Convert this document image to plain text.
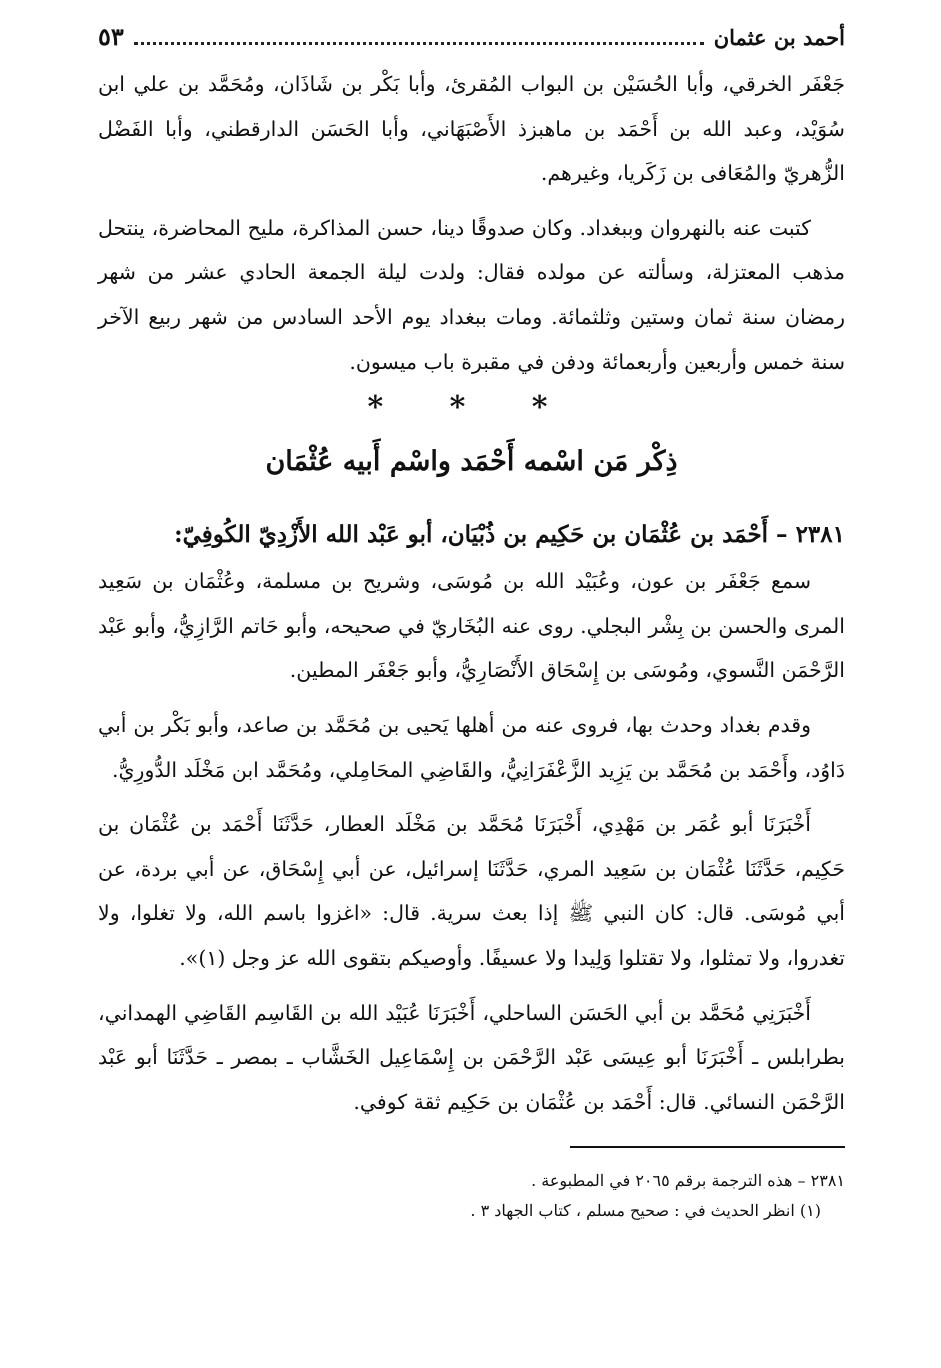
أحمد بن عثمان
٥٣

جَعْفَر الخرقي، وأبا الحُسَيْن بن البواب المُقرئ، وأبا بَكْر بن شَاذَان، ومُحَمَّد بن علي ابن سُوَيْد، وعبد الله بن أَحْمَد بن ماهبزذ الأَصْبَهَاني، وأبا الحَسَن الدارقطني، وأبا الفَضْل الزُّهريّ والمُعَافى بن زَكَريا، وغيرهم.

كتبت عنه بالنهروان وببغداد. وكان صدوقًا دينا، حسن المذاكرة، مليح المحاضرة، ينتحل مذهب المعتزلة، وسألته عن مولده فقال: ولدت ليلة الجمعة الحادي عشر من شهر رمضان سنة ثمان وستين وثلثمائة. ومات ببغداد يوم الأحد السادس من شهر ربيع الآخر سنة خمس وأربعين وأربعمائة ودفن في مقبرة باب ميسون.

* * *
ذِكْر مَن اسْمه أَحْمَد واسْم أَبيه عُثْمَان

٢٣٨١ – أَحْمَد بن عُثْمَان بن حَكِيم بن ذُبْيَان، أبو عَبْد الله الأَزْدِيّ الكُوفِيّ:

سمع جَعْفَر بن عون، وعُبَيْد الله بن مُوسَى، وشريح بن مسلمة، وعُثْمَان بن سَعِيد المرى والحسن بن بِشْر البجلي. روى عنه البُخَاريّ في صحيحه، وأبو حَاتم الرَّازِيُّ، وأبو عَبْد الرَّحْمَن النَّسوي، ومُوسَى بن إِسْحَاق الأَنْصَارِيُّ، وأبو جَعْفَر المطين.

وقدم بغداد وحدث بها، فروى عنه من أهلها يَحيى بن مُحَمَّد بن صاعد، وأبو بَكْر بن أبي دَاوُد، وأَحْمَد بن مُحَمَّد بن يَزِيد الزَّعْفَرَانِيُّ، والقَاضِي المحَامِلي، ومُحَمَّد ابن مَخْلَد الدُّورِيُّ.

أَخْبَرَنَا أبو عُمَر بن مَهْدِي، أَخْبَرَنَا مُحَمَّد بن مَخْلَد العطار، حَدَّثَنَا أَحْمَد بن عُثْمَان بن حَكِيم، حَدَّثَنَا عُثْمَان بن سَعِيد المري، حَدَّثَنَا إسرائيل، عن أبي إِسْحَاق، عن أبي بردة، عن أبي مُوسَى. قال: كان النبي ﷺ إذا بعث سرية. قال: «اغزوا باسم الله، ولا تغلوا، ولا تغدروا، ولا تمثلوا، ولا تقتلوا وَلِيدا ولا عسيفًا. وأوصيكم بتقوى الله عز وجل (١)».

أَخْبَرَنِي مُحَمَّد بن أبي الحَسَن الساحلي، أَخْبَرَنَا عُبَيْد الله بن القَاسِم القَاضِي الهمداني، بطرابلس ـ أَخْبَرَنَا أبو عِيسَى عَبْد الرَّحْمَن بن إِسْمَاعِيل الخَشَّاب ـ بمصر ـ حَدَّثَنَا أبو عَبْد الرَّحْمَن النسائي. قال: أَحْمَد بن عُثْمَان بن حَكِيم ثقة كوفي.

٢٣٨١ – هذه الترجمة برقم ٢٠٦٥ في المطبوعة .

(١) انظر الحديث في : صحيح مسلم ، كتاب الجهاد ٣ .
